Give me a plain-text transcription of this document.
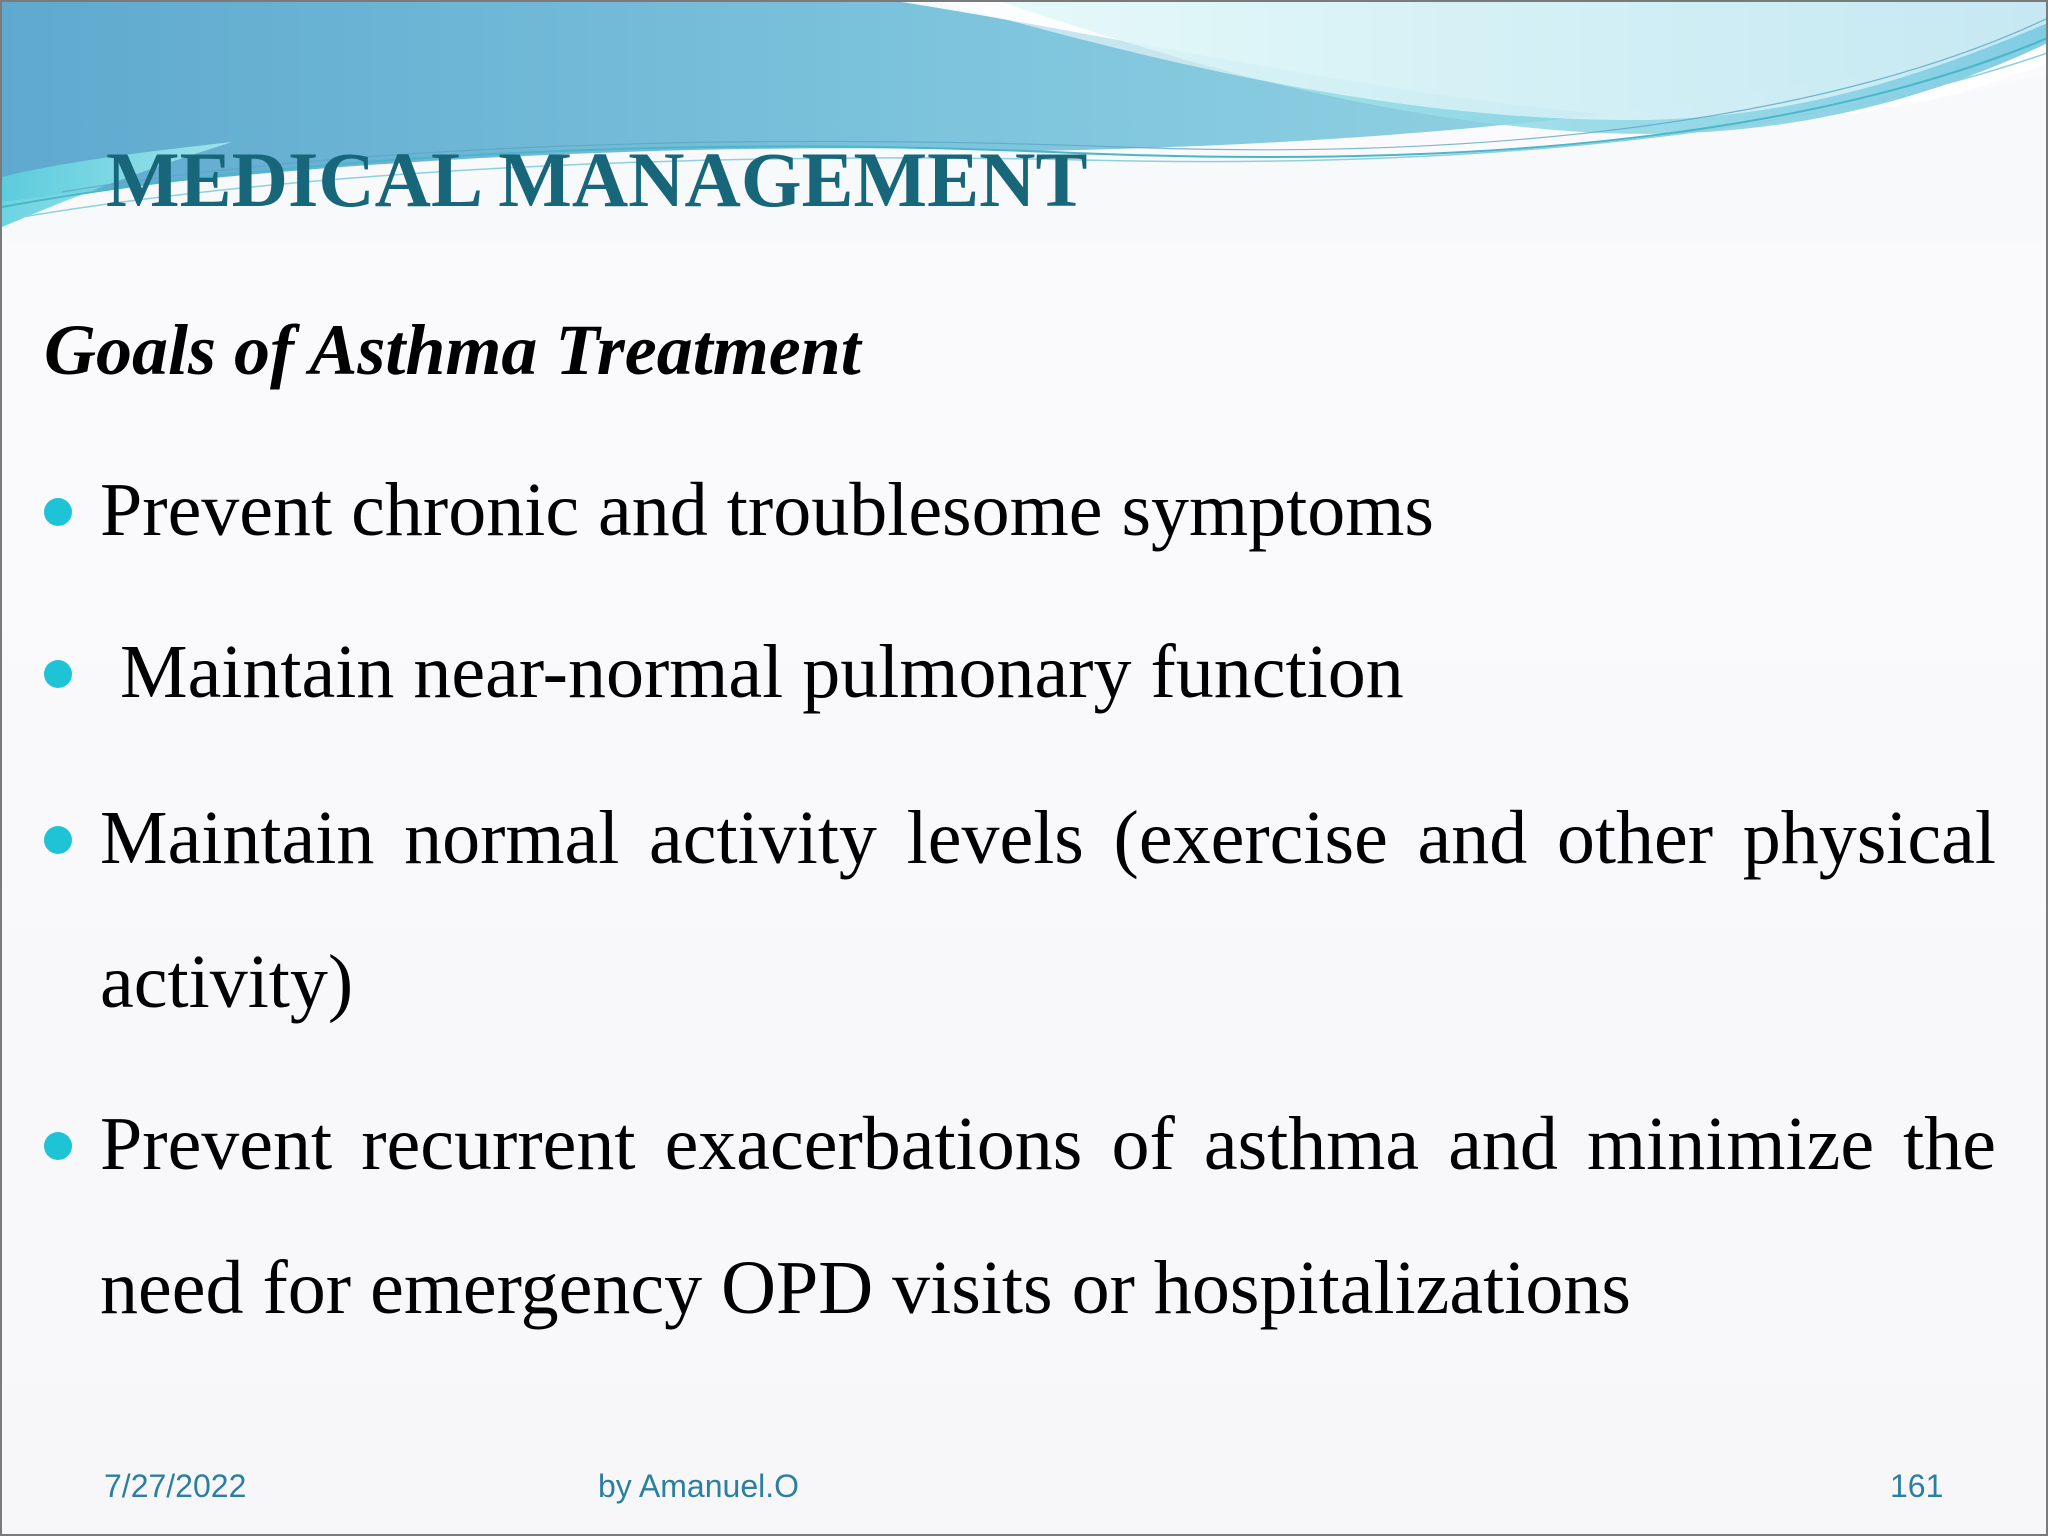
MEDICAL MANAGEMENT
Goals of Asthma Treatment
Prevent chronic and troublesome symptoms
Maintain near-normal pulmonary function
Maintain normal activity levels (exercise and other physical activity)
Prevent recurrent exacerbations of asthma and minimize the need for emergency OPD visits or hospitalizations
7/27/2022	by Amanuel.O	161
